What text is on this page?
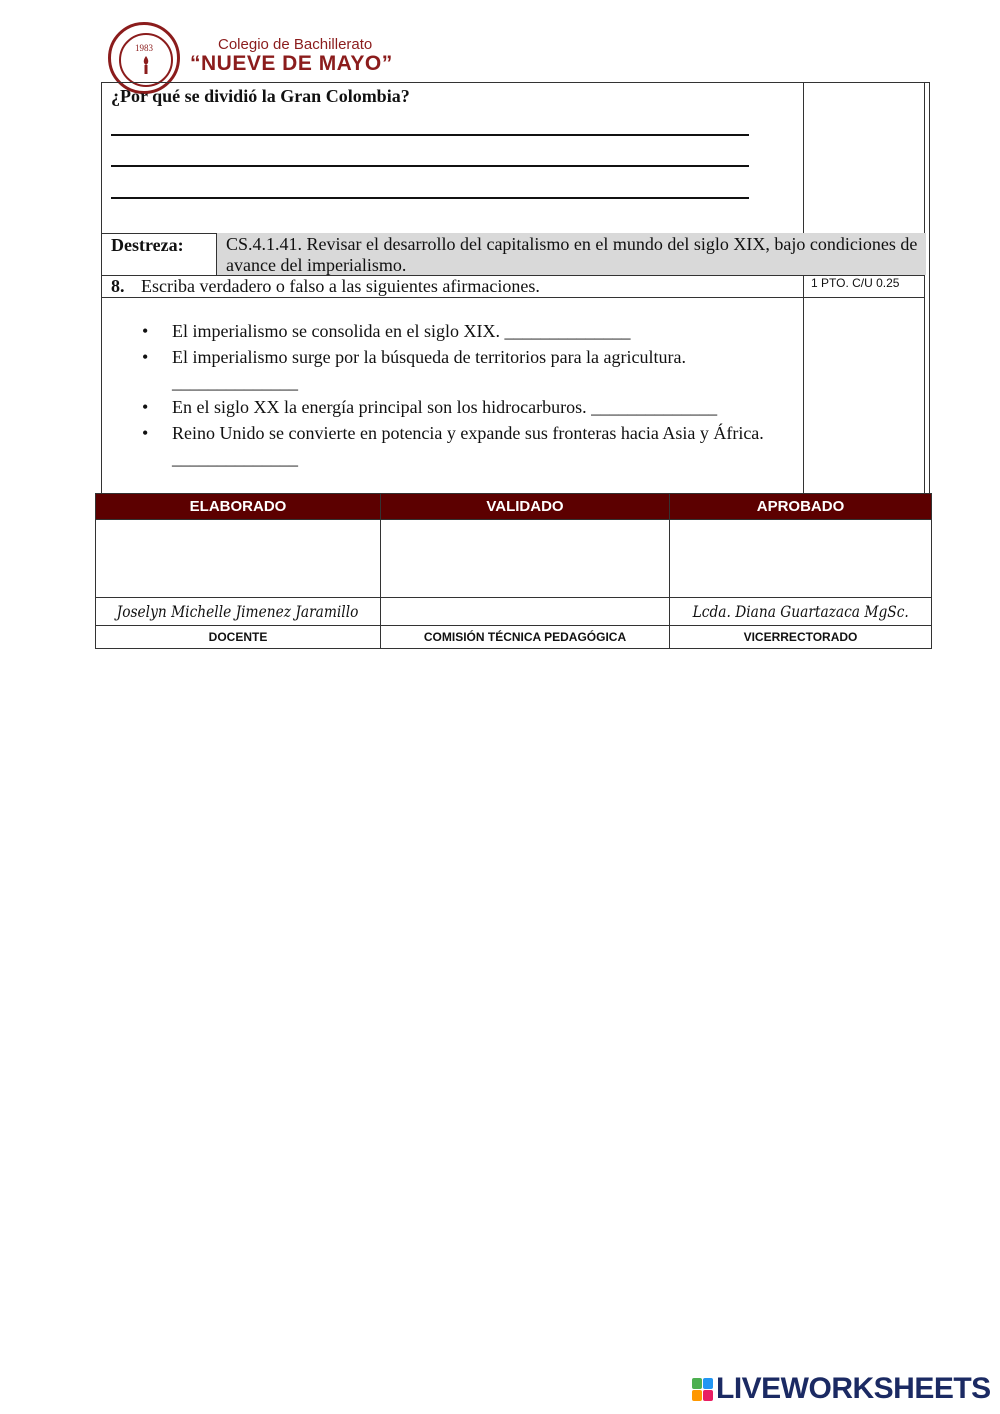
1983	Colegio de Bachillerato
“NUEVE DE MAYO”
¿Por qué se dividió la Gran Colombia?
Destreza:	CS.4.1.41. Revisar el desarrollo del capitalismo en el mundo del siglo XIX, bajo condiciones de avance del imperialismo.
8. Escriba verdadero o falso a las siguientes afirmaciones.	1 PTO. C/U 0.25
• El imperialismo se consolida en el siglo XIX. ______________
• El imperialismo surge por la búsqueda de territorios para la agricultura. ______________
• En el siglo XX la energía principal son los hidrocarburos. ______________
• Reino Unido se convierte en potencia y expande sus fronteras hacia Asia y África. ______________
ELABORADO	VALIDADO	APROBADO

Joselyn Michelle Jimenez Jaramillo		Lcda. Diana Guartazaca MgSc.
DOCENTE	COMISIÓN TÉCNICA PEDAGÓGICA	VICERRECTORADO
LIVEWORKSHEETS
